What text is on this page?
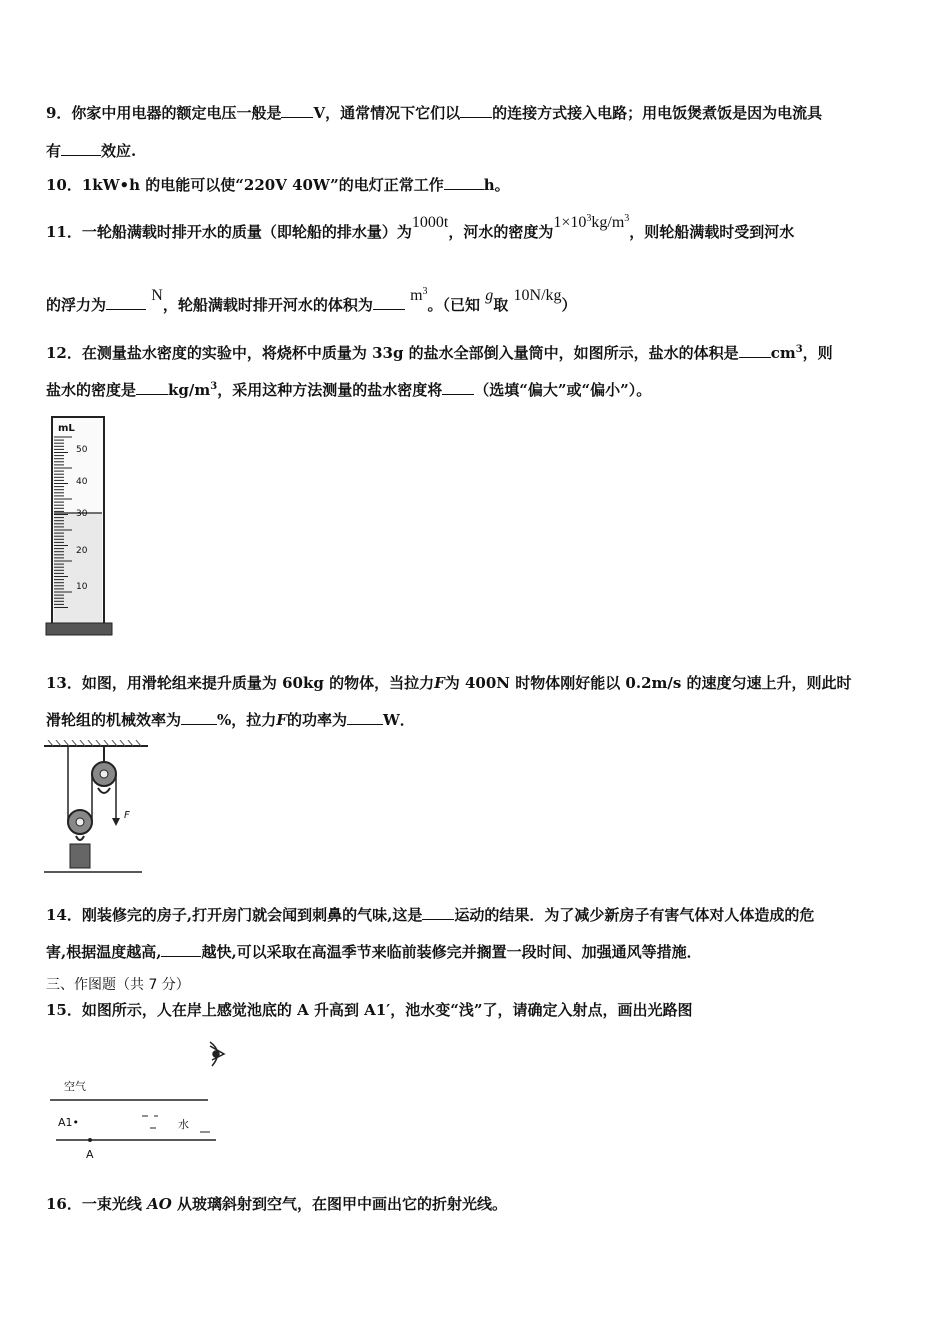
9．你家中用电器的额定电压一般是 V，通常情况下它们以 的连接方式接入电路；用电饭煲煮饭是因为电流具
有	效应.
10．1kW•h 的电能可以使“220V 40W”的电灯正常工作	h。
11．一轮船满载时排开水的质量（即轮船的排水量）为1000t，河水的密度为$1\times 10^3kg/m^3$，则轮船满载时受到河水
的浮力为 N，轮船满载时排开河水的体积为 $m^3$。（已知 g取 10N/kg）
12．在测量盐水密度的实验中，将烧杯中质量为 33g 的盐水全部倒入量筒中，如图所示，盐水的体积是 $cm^3$，则
盐水的密度是 $kg/m^3$，采用这种方法测量的盐水密度将 （选填“偏大”或“偏小”）。
mL
50
40
30
20
10
13．如图，用滑轮组来提升质量为 60kg 的物体，当拉力F为 400N 时物体刚好能以 0.2m/s 的速度匀速上升，则此时
滑轮组的机械效率为 %，拉力F的功率为 W．
F
14．刚装修完的房子,打开房门就会闻到刺鼻的气味,这是 运动的结果．为了减少新房子有害气体对人体造成的危
害,根据温度越高,	越快,可以采取在高温季节来临前装修完并搁置一段时间、加强通风等措施．
三、作图题（共 7 分）
15．如图所示，人在岸上感觉池底的 A 升高到 A1′，池水变“浅”了，请确定入射点，画出光路图
空气
A1•	水
A
16．一束光线 AO 从玻璃斜射到空气，在图甲中画出它的折射光线。
